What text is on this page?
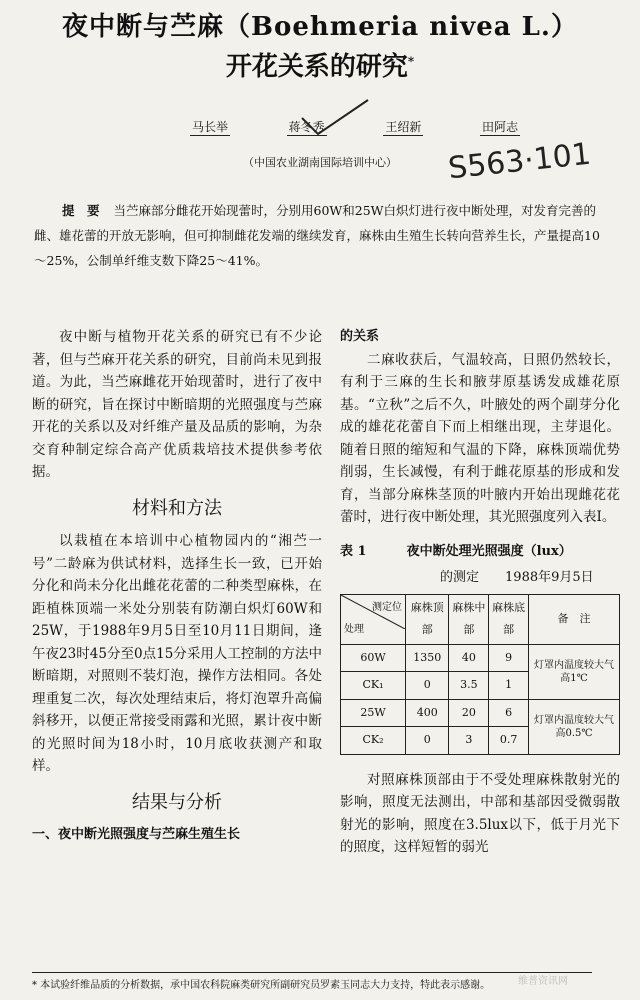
夜中断与苎麻（Boehmeria nivea L.）
开花关系的研究*
马长举	蒋冬秀	王绍新	田阿志
（中国农业湖南国际培训中心）	S563·101
提　要 当苎麻部分雌花开始现蕾时，分别用60W和25W白炽灯进行夜中断处理，对发育完善的雌、雄花蕾的开放无影响，但可抑制雌花发端的继续发育，麻株由生殖生长转向营养生长，产量提高10～25%，公制单纤维支数下降25～41%。

夜中断与植物开花关系的研究已有不少论著，但与苎麻开花关系的研究，目前尚未见到报道。为此，当苎麻雌花开始现蕾时，进行了夜中断的研究，旨在探讨中断暗期的光照强度与苎麻开花的关系以及对纤维产量及品质的影响，为杂交育种制定综合高产优质栽培技术提供参考依据。

材料和方法

以栽植在本培训中心植物园内的“湘苎一号”二龄麻为供试材料，选择生长一致，已开始分化和尚未分化出雌花花蕾的二种类型麻株，在距植株顶端一米处分别装有防潮白炽灯60W和25W，于1988年9月5日至10月11日期间，逢午夜23时45分至0点15分采用人工控制的方法中断暗期，对照则不装灯泡，操作方法相同。各处理重复二次，每次处理结束后，将灯泡罩升高偏斜移开，以便正常接受雨露和光照，累计夜中断的光照时间为18小时，10月底收获测产和取样。

结果与分析

一、夜中断光照强度与苎麻生殖生长

的关系

二麻收获后，气温较高，日照仍然较长，有利于三麻的生长和腋芽原基诱发成雄花原基。“立秋”之后不久，叶腋处的两个副芽分化成的雄花花蕾自下而上相继出现，主芽退化。随着日照的缩短和气温的下降，麻株顶端优势削弱，生长减慢，有利于雌花原基的形成和发育，当部分麻株茎顶的叶腋内开始出现雌花花蕾时，进行夜中断处理，其光照强度列入表Ⅰ。

表 1	夜中断处理光照强度（lux）
的测定　　 1988年9月5日
测定位
处理	麻株顶部	麻株中部	麻株底部	备　注
60W	1350	40	9	灯罩内温度较大气高1℃
CK₁	0	3.5	1	
25W	400	20	6	灯罩内温度较大气高0.5℃
CK₂	0	3	0.7	

对照麻株顶部由于不受处理麻株散射光的影响，照度无法测出，中部和基部因受微弱散射光的影响，照度在3.5lux以下，低于月光下的照度，这样短暂的弱光

* 本试验纤维品质的分析数据，承中国农科院麻类研究所副研究员罗素玉同志大力支持，特此表示感谢。	维普资讯网
